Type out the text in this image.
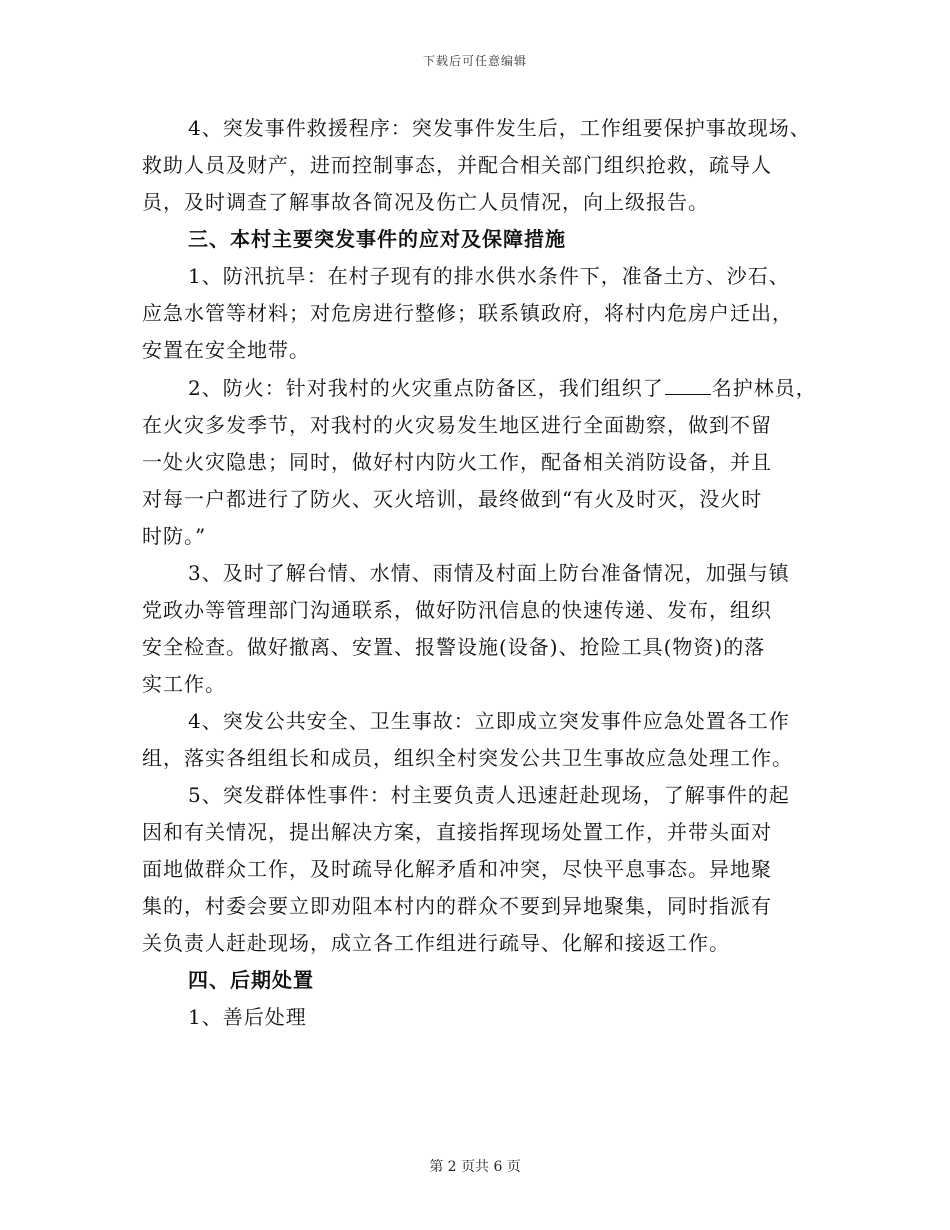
下载后可任意编辑
4、突发事件救援程序：突发事件发生后，工作组要保护事故现场、
救助人员及财产，进而控制事态，并配合相关部门组织抢救，疏导人
员，及时调查了解事故各简况及伤亡人员情况，向上级报告。
三、本村主要突发事件的应对及保障措施
1、防汛抗旱：在村子现有的排水供水条件下，准备土方、沙石、
应急水管等材料；对危房进行整修；联系镇政府，将村内危房户迁出，
安置在安全地带。
2、防火：针对我村的火灾重点防备区，我们组织了 名护林员，
在火灾多发季节，对我村的火灾易发生地区进行全面勘察，做到不留
一处火灾隐患；同时，做好村内防火工作，配备相关消防设备，并且
对每一户都进行了防火、灭火培训，最终做到“有火及时灭，没火时
时防。”
3、及时了解台情、水情、雨情及村面上防台准备情况，加强与镇
党政办等管理部门沟通联系，做好防汛信息的快速传递、发布，组织
安全检查。做好撤离、安置、报警设施(设备)、抢险工具(物资)的落
实工作。
4、突发公共安全、卫生事故：立即成立突发事件应急处置各工作
组，落实各组组长和成员，组织全村突发公共卫生事故应急处理工作。
5、突发群体性事件：村主要负责人迅速赶赴现场，了解事件的起
因和有关情况，提出解决方案，直接指挥现场处置工作，并带头面对
面地做群众工作，及时疏导化解矛盾和冲突，尽快平息事态。异地聚
集的，村委会要立即劝阻本村内的群众不要到异地聚集，同时指派有
关负责人赶赴现场，成立各工作组进行疏导、化解和接返工作。
四、后期处置
1、善后处理
第 2 页共 6 页
